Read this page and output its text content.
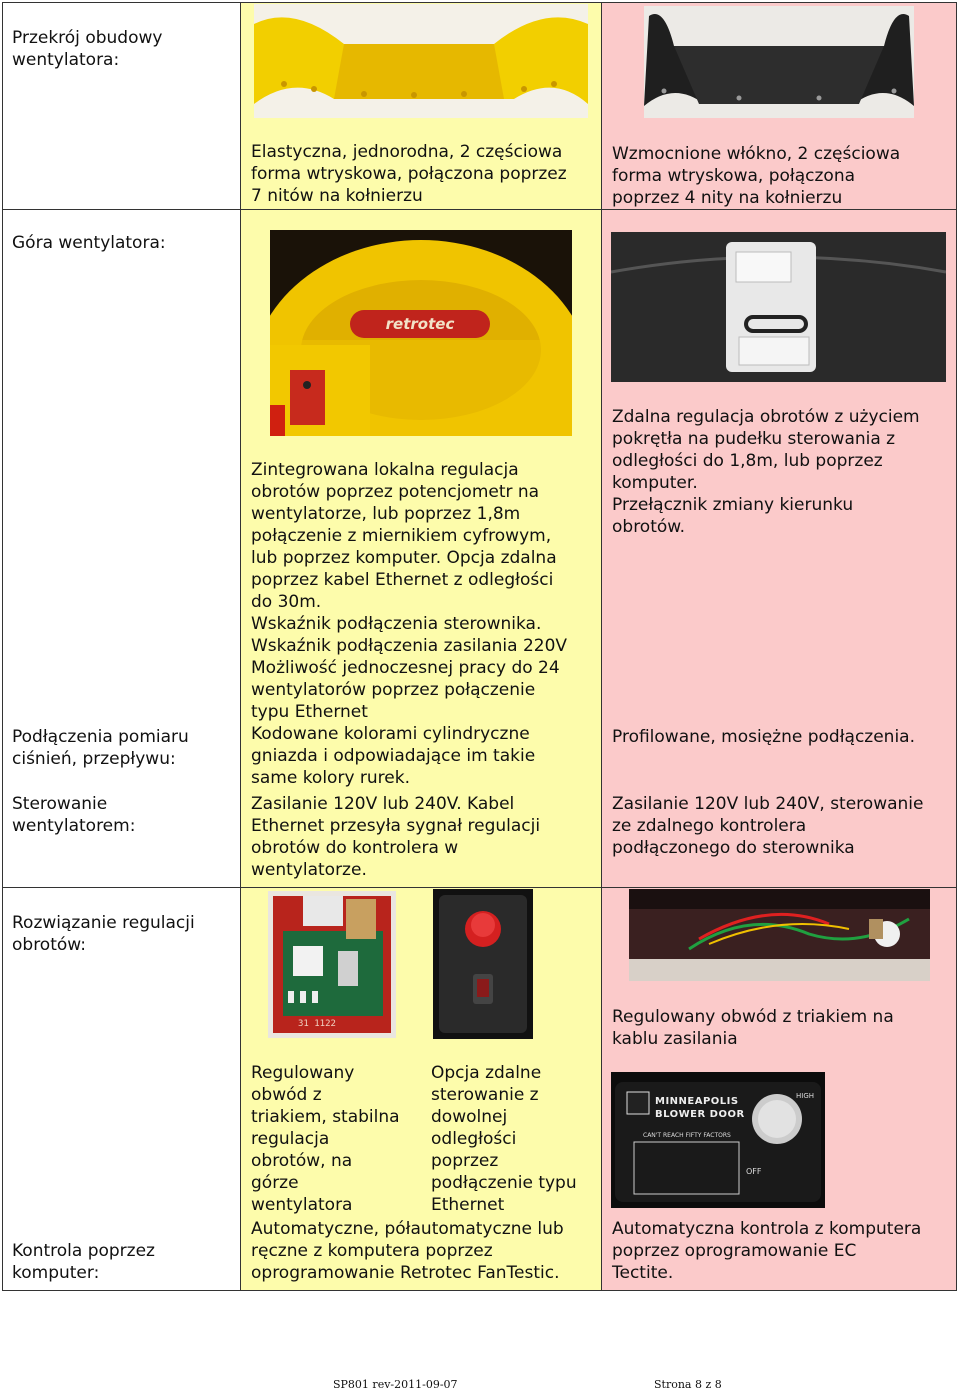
Przekrój obudowy
wentylatora:
Elastyczna, jednorodna, 2 częściowa
forma wtryskowa, połączona poprzez
7 nitów na kołnierzu
Wzmocnione włókno, 2 częściowa
forma wtryskowa, połączona
poprzez 4 nity na kołnierzu
Góra wentylatora:
retrotec
Zdalna regulacja obrotów z użyciem
pokrętła na pudełku sterowania z
odległości do 1,8m, lub poprzez
komputer.
Przełącznik zmiany kierunku
obrotów.
Zintegrowana lokalna regulacja
obrotów poprzez potencjometr na
wentylatorze, lub poprzez 1,8m
połączenie z miernikiem cyfrowym,
lub poprzez komputer. Opcja zdalna
poprzez kabel Ethernet z odległości
do 30m.
Wskaźnik podłączenia sterownika.
Wskaźnik podłączenia zasilania 220V
Możliwość jednoczesnej pracy do 24
wentylatorów poprzez połączenie
typu Ethernet
Kodowane kolorami cylindryczne
gniazda i odpowiadające im takie
same kolory rurek.
Podłączenia pomiaru
ciśnień, przepływu:
Profilowane, mosiężne podłączenia.
Sterowanie
wentylatorem:
Zasilanie 120V lub 240V. Kabel
Ethernet przesyła sygnał regulacji
obrotów do kontrolera w
wentylatorze.
Zasilanie 120V lub 240V, sterowanie
ze zdalnego kontrolera
podłączonego do sterownika
Rozwiązanie regulacji
obrotów:
31 1122	Regulowany obwód z triakiem na
kablu zasilania
Regulowany
obwód z
triakiem, stabilna
regulacja
obrotów, na
górze
wentylatora
Opcja zdalne
sterowanie z
dowolnej
odległości
poprzez
podłączenie typu
Ethernet
MINNEAPOLIS
BLOWER DOOR
CAN'T REACH FIFTY FACTORS
OFF
HIGH
Kontrola poprzez
komputer:
Automatyczne, półautomatyczne lub
ręczne z komputera poprzez
oprogramowanie Retrotec FanTestic.
Automatyczna kontrola z komputera
poprzez oprogramowanie EC
Tectite.
SP801 rev-2011-09-07	Strona 8 z 8
